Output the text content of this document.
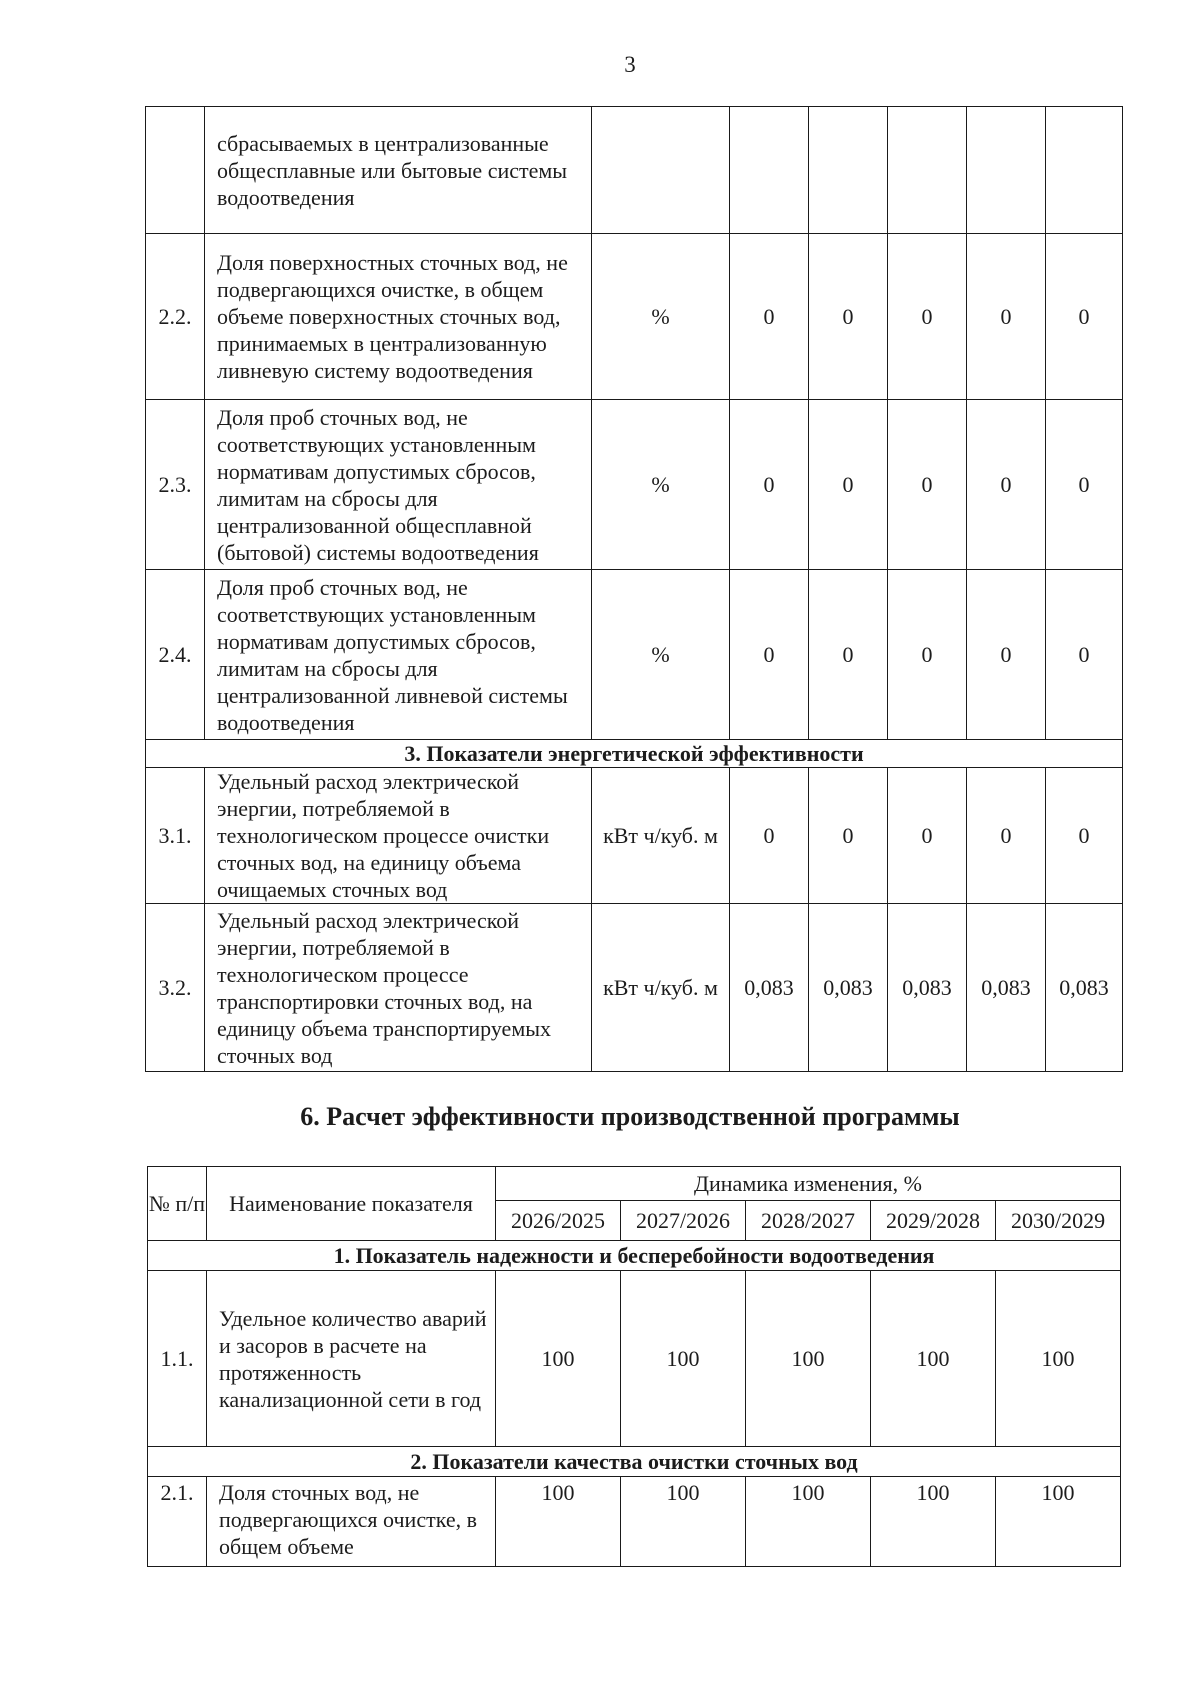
3
	сбрасываемых в централизованные общесплавные или бытовые системы водоотведения						
2.2.	Доля поверхностных сточных вод, не подвергающихся очистке, в общем объеме поверхностных сточных вод, принимаемых в централизованную ливневую систему водоотведения	%	0	0	0	0	0
2.3.	Доля проб сточных вод, не соответствующих установленным нормативам допустимых сбросов, лимитам на сбросы для централизованной общесплавной (бытовой) системы водоотведения	%	0	0	0	0	0
2.4.	Доля проб сточных вод, не соответствующих установленным нормативам допустимых сбросов, лимитам на сбросы для централизованной ливневой системы водоотведения	%	0	0	0	0	0
3. Показатели энергетической эффективности							
3.1.	Удельный расход электрической энергии, потребляемой в технологическом процессе очистки сточных вод, на единицу объема очищаемых сточных вод	кВт ч/куб. м	0	0	0	0	0
3.2.	Удельный расход электрической энергии, потребляемой в технологическом процессе транспортировки сточных вод, на единицу объема транспортируемых сточных вод	кВт ч/куб. м	0,083	0,083	0,083	0,083	0,083
6. Расчет эффективности производственной программы
№ п/п	Наименование показателя	Динамика изменения, %				
		2026/2025	2027/2026	2028/2027	2029/2028	2030/2029
1. Показатель надежности и бесперебойности водоотведения						
1.1.	Удельное количество аварий и засоров в расчете на протяженность канализационной сети в год	100	100	100	100	100
2. Показатели качества очистки сточных вод						
2.1.	Доля сточных вод, не подвергающихся очистке, в общем объеме	100	100	100	100	100
